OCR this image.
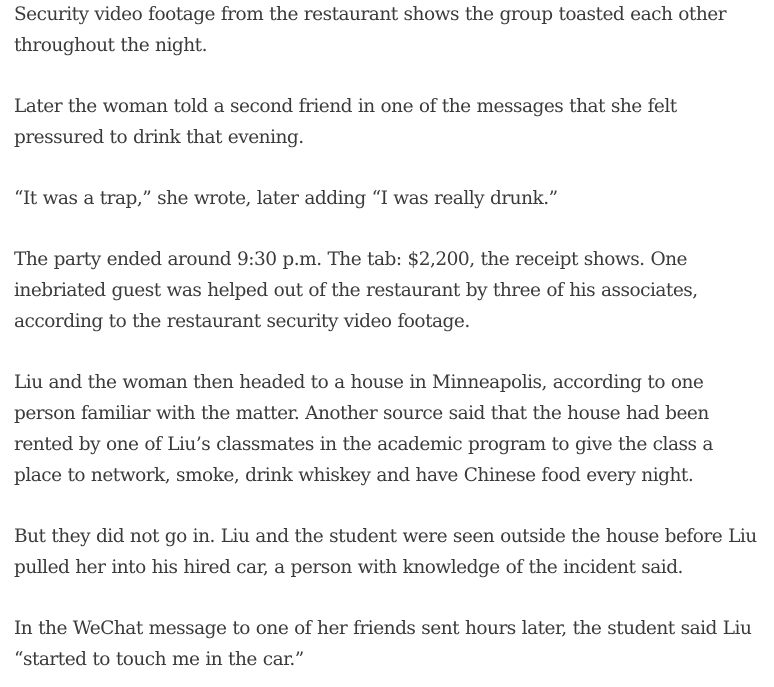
Security video footage from the restaurant shows the group toasted each other throughout the night.

Later the woman told a second friend in one of the messages that she felt pressured to drink that evening.

“It was a trap,” she wrote, later adding “I was really drunk.”

The party ended around 9:30 p.m. The tab: $2,200, the receipt shows. One inebriated guest was helped out of the restaurant by three of his associates, according to the restaurant security video footage.

Liu and the woman then headed to a house in Minneapolis, according to one person familiar with the matter. Another source said that the house had been rented by one of Liu’s classmates in the academic program to give the class a place to network, smoke, drink whiskey and have Chinese food every night.

But they did not go in. Liu and the student were seen outside the house before Liu pulled her into his hired car, a person with knowledge of the incident said.

In the WeChat message to one of her friends sent hours later, the student said Liu “started to touch me in the car.”
